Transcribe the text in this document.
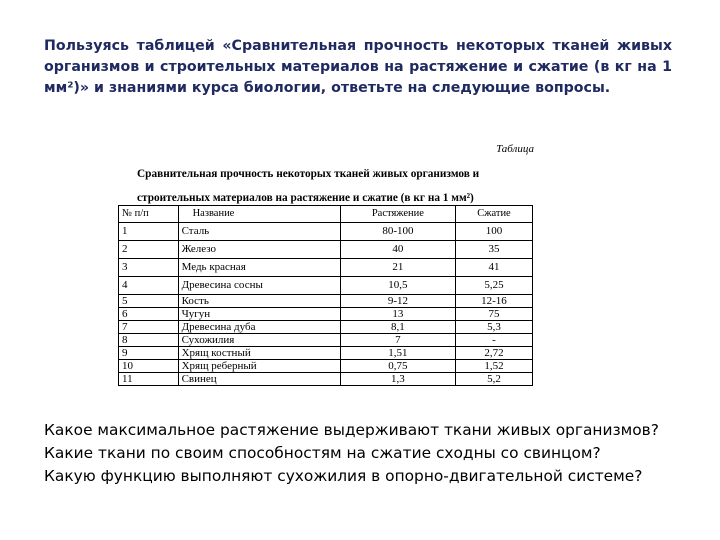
Пользуясь таблицей «Сравнительная прочность некоторых тканей живых организмов и строительных материалов на растяжение и сжатие (в кг на 1 мм²)» и знаниями курса биологии, ответьте на следующие вопросы.

Таблица
Сравнительная прочность некоторых тканей живых организмов и
строительных материалов на растяжение и сжатие (в кг на 1 мм²)
№ п/п	Название	Растяжение	Сжатие
1	Сталь	80-100	100
2	Железо	40	35
3	Медь красная	21	41
4	Древесина сосны	10,5	5,25
5	Кость	9-12	12-16
6	Чугун	13	75
7	Древесина дуба	8,1	5,3
8	Сухожилия	7	-
9	Хрящ костный	1,51	2,72
10	Хрящ реберный	0,75	1,52
11	Свинец	1,3	5,2

Какое максимальное растяжение выдерживают ткани живых организмов?

Какие ткани по своим способностям на сжатие сходны со свинцом?

Какую функцию выполняют сухожилия в опорно-двигательной системе?
